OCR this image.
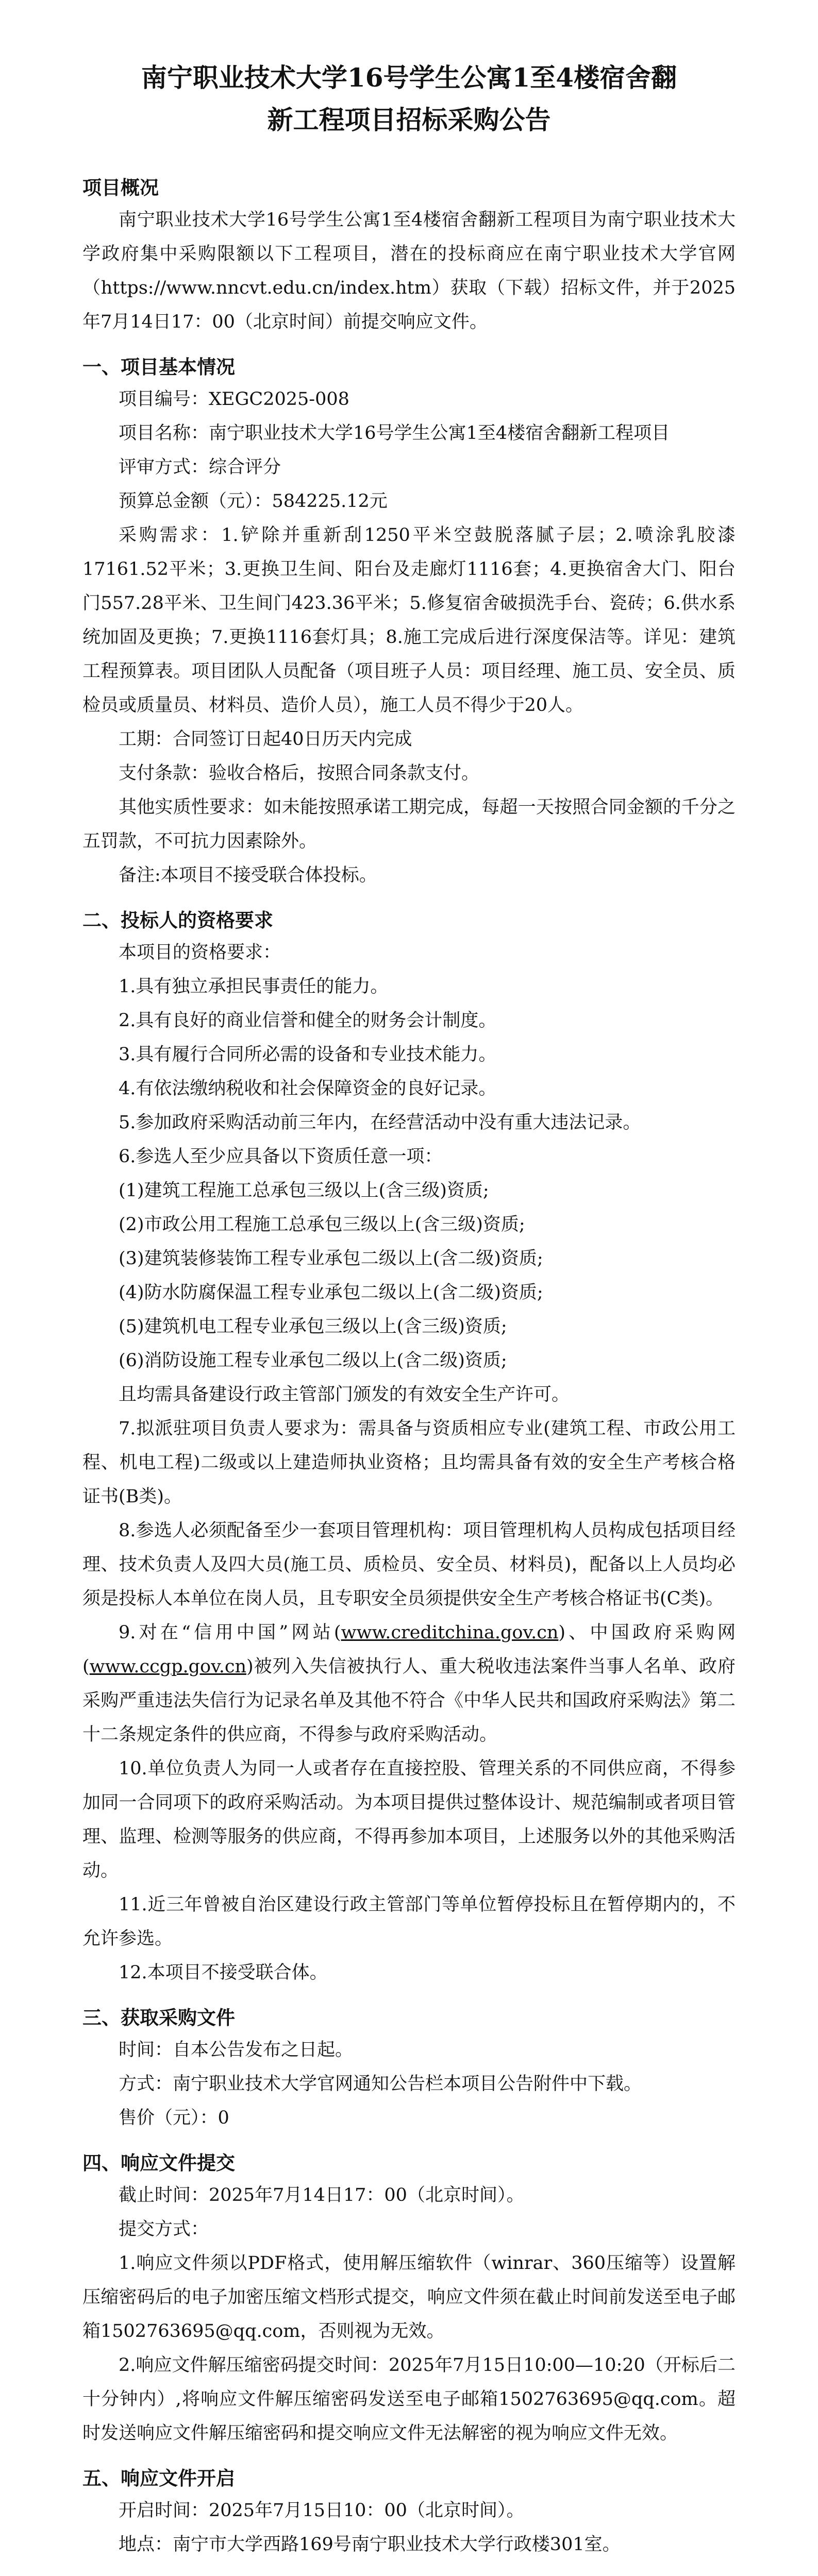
南宁职业技术大学16号学生公寓1至4楼宿舍翻
新工程项目招标采购公告
项目概况

南宁职业技术大学16号学生公寓1至4楼宿舍翻新工程项目为南宁职业技术大学政府集中采购限额以下工程项目，潜在的投标商应在南宁职业技术大学官网（https://www.nncvt.edu.cn/index.htm）获取（下载）招标文件，并于2025年7月14日17：00（北京时间）前提交响应文件。

一、项目基本情况

项目编号：XEGC2025-008

项目名称：南宁职业技术大学16号学生公寓1至4楼宿舍翻新工程项目

评审方式：综合评分

预算总金额（元）：584225.12元

采购需求：1.铲除并重新刮1250平米空鼓脱落腻子层；2.喷涂乳胶漆17161.52平米；3.更换卫生间、阳台及走廊灯1116套；4.更换宿舍大门、阳台门557.28平米、卫生间门423.36平米；5.修复宿舍破损洗手台、瓷砖；6.供水系统加固及更换；7.更换1116套灯具；8.施工完成后进行深度保洁等。详见：建筑工程预算表。项目团队人员配备（项目班子人员：项目经理、施工员、安全员、质检员或质量员、材料员、造价人员），施工人员不得少于20人。

工期：合同签订日起40日历天内完成

支付条款：验收合格后，按照合同条款支付。

其他实质性要求：如未能按照承诺工期完成，每超一天按照合同金额的千分之五罚款，不可抗力因素除外。

备注:本项目不接受联合体投标。

二、投标人的资格要求

本项目的资格要求：

1.具有独立承担民事责任的能力。

2.具有良好的商业信誉和健全的财务会计制度。

3.具有履行合同所必需的设备和专业技术能力。

4.有依法缴纳税收和社会保障资金的良好记录。

5.参加政府采购活动前三年内，在经营活动中没有重大违法记录。

6.参选人至少应具备以下资质任意一项：

(1)建筑工程施工总承包三级以上(含三级)资质;

(2)市政公用工程施工总承包三级以上(含三级)资质;

(3)建筑装修装饰工程专业承包二级以上(含二级)资质;

(4)防水防腐保温工程专业承包二级以上(含二级)资质;

(5)建筑机电工程专业承包三级以上(含三级)资质;

(6)消防设施工程专业承包二级以上(含二级)资质;

且均需具备建设行政主管部门颁发的有效安全生产许可。

7.拟派驻项目负责人要求为：需具备与资质相应专业(建筑工程、市政公用工程、机电工程)二级或以上建造师执业资格；且均需具备有效的安全生产考核合格证书(B类)。

8.参选人必须配备至少一套项目管理机构：项目管理机构人员构成包括项目经理、技术负责人及四大员(施工员、质检员、安全员、材料员)，配备以上人员均必须是投标人本单位在岗人员，且专职安全员须提供安全生产考核合格证书(C类)。

9.对在“信用中国”网站(www.creditchina.gov.cn)、中国政府采购网(www.ccgp.gov.cn)被列入失信被执行人、重大税收违法案件当事人名单、政府采购严重违法失信行为记录名单及其他不符合《中华人民共和国政府采购法》第二十二条规定条件的供应商，不得参与政府采购活动。

10.单位负责人为同一人或者存在直接控股、管理关系的不同供应商，不得参加同一合同项下的政府采购活动。为本项目提供过整体设计、规范编制或者项目管理、监理、检测等服务的供应商，不得再参加本项目，上述服务以外的其他采购活动。

11.近三年曾被自治区建设行政主管部门等单位暂停投标且在暂停期内的，不允许参选。

12.本项目不接受联合体。

三、获取采购文件

时间：自本公告发布之日起。

方式：南宁职业技术大学官网通知公告栏本项目公告附件中下载。

售价（元）：0

四、响应文件提交

截止时间：2025年7月14日17：00（北京时间）。

提交方式：

1.响应文件须以PDF格式，使用解压缩软件（winrar、360压缩等）设置解压缩密码后的电子加密压缩文档形式提交，响应文件须在截止时间前发送至电子邮箱1502763695@qq.com，否则视为无效。

2.响应文件解压缩密码提交时间：2025年7月15日10:00—10:20（开标后二十分钟内）,将响应文件解压缩密码发送至电子邮箱1502763695@qq.com。超时发送响应文件解压缩密码和提交响应文件无法解密的视为响应文件无效。

五、响应文件开启

开启时间：2025年7月15日10：00（北京时间）。

地点：南宁市大学西路169号南宁职业技术大学行政楼301室。
